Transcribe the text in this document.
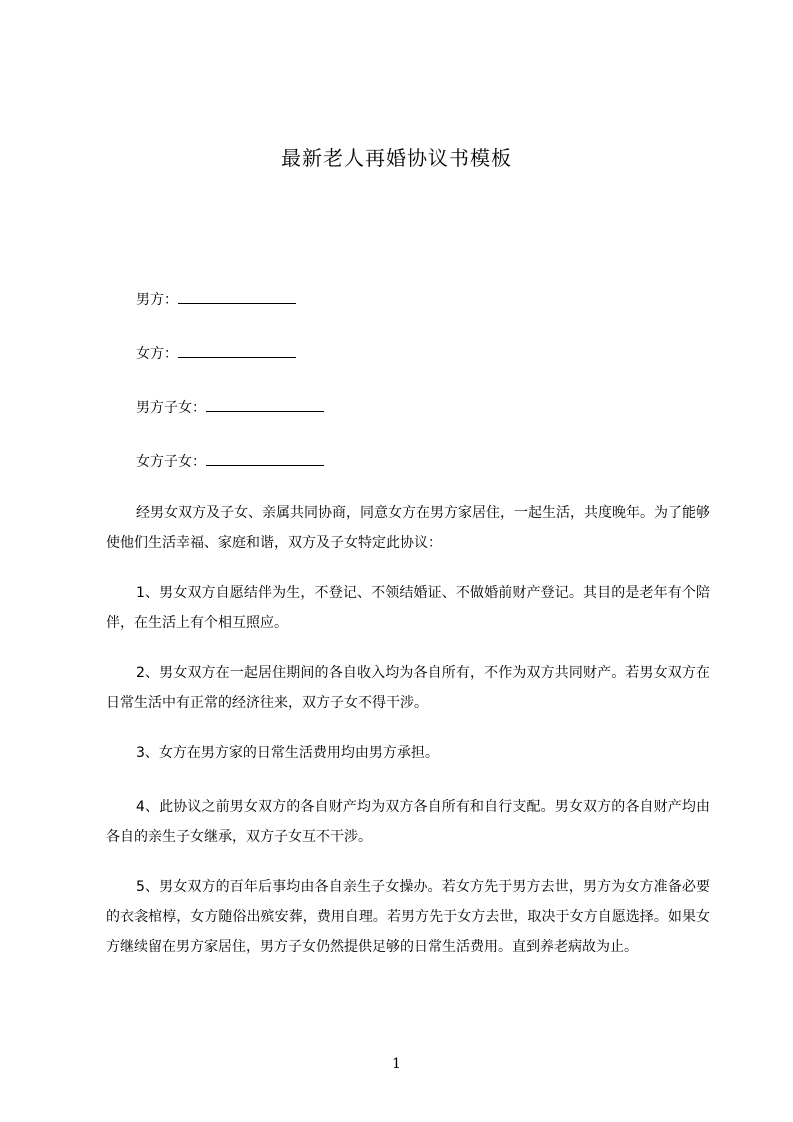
最新老人再婚协议书模板
男方：
女方：
男方子女：
女方子女：
经男女双方及子女、亲属共同协商，同意女方在男方家居住，一起生活，共度晚年。为了能够使他们生活幸福、家庭和谐，双方及子女特定此协议：
1、男女双方自愿结伴为生，不登记、不领结婚证、不做婚前财产登记。其目的是老年有个陪伴，在生活上有个相互照应。
2、男女双方在一起居住期间的各自收入均为各自所有，不作为双方共同财产。若男女双方在日常生活中有正常的经济往来，双方子女不得干涉。
3、女方在男方家的日常生活费用均由男方承担。
4、此协议之前男女双方的各自财产均为双方各自所有和自行支配。男女双方的各自财产均由各自的亲生子女继承，双方子女互不干涉。
5、男女双方的百年后事均由各自亲生子女操办。若女方先于男方去世，男方为女方准备必要的衣衾棺椁，女方随俗出殡安葬，费用自理。若男方先于女方去世，取决于女方自愿选择。如果女方继续留在男方家居住，男方子女仍然提供足够的日常生活费用。直到养老病故为止。
1
